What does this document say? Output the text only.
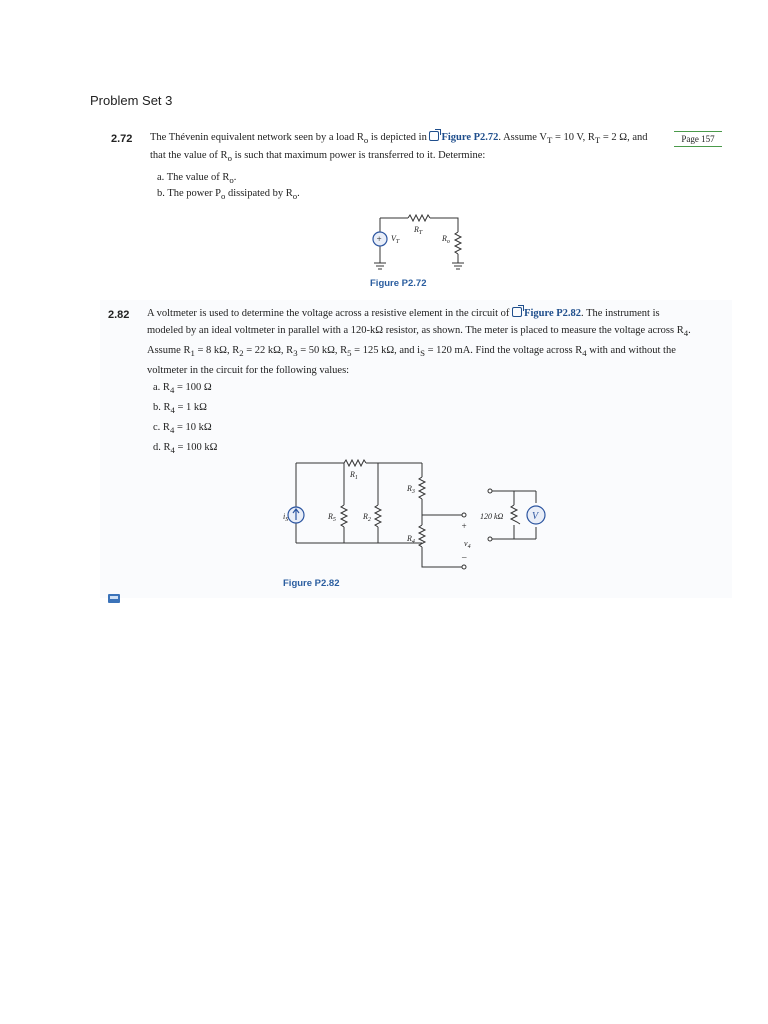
Problem Set 3
Page 157
2.72 The Thévenin equivalent network seen by a load $R_o$ is depicted in Figure P2.72. Assume $V_T = 10$ V, $R_T = 2$ Ω, and

that the value of $R_o$ is such that maximum power is transferred to it. Determine:

a. The value of $R_o$.
b. The power $P_o$ dissipated by $R_o$.
+ $V_T$
$R_T$
$R_o$
Figure P2.72
2.82 A voltmeter is used to determine the voltage across a resistive element in the circuit of Figure P2.82. The instrument is

modeled by an ideal voltmeter in parallel with a 120-kΩ resistor, as shown. The meter is placed to measure the voltage across $R_4$.

Assume $R_1 = 8$ kΩ, $R_2 = 22$ kΩ, $R_3 = 50$ kΩ, $R_5 = 125$ kΩ, and $i_S = 120$ mA. Find the voltage across $R_4$ with and without the

voltmeter in the circuit for the following values:

a. $R_4 = 100$ Ω
b. $R_4 = 1$ kΩ
c. $R_4 = 10$ kΩ
d. $R_4 = 100$ kΩ
V
$i_S$
$R_1$
$R_5$	$R_2$
$R_3$
$R_4$
120 kΩ
+
–
$v_4$
Figure P2.82
